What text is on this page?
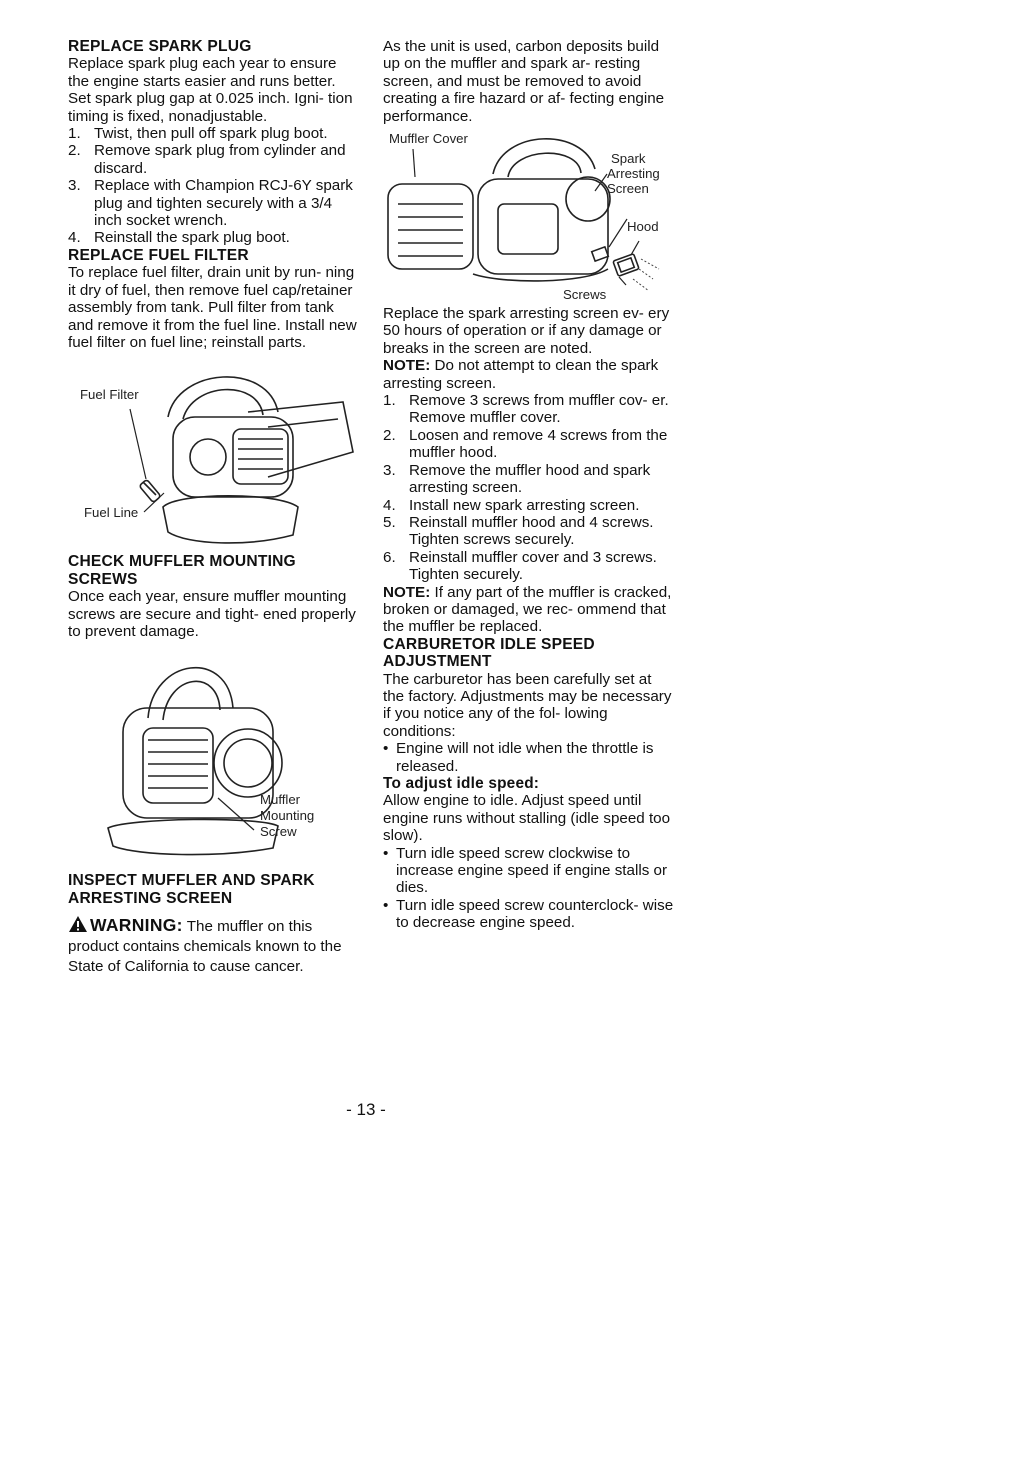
REPLACE SPARK PLUG

Replace spark plug each year to ensure the engine starts easier and runs better. Set spark plug gap at 0.025 inch. Igni- tion timing is fixed, nonadjustable.

1. Twist, then pull off spark plug boot.
2. Remove spark plug from cylinder and discard.
3. Replace with Champion RCJ-6Y spark plug and tighten securely with a 3/4 inch socket wrench.
4. Reinstall the spark plug boot.

REPLACE FUEL FILTER

To replace fuel filter, drain unit by run- ning it dry of fuel, then remove fuel cap/retainer assembly from tank. Pull filter from tank and remove it from the fuel line. Install new fuel filter on fuel line; reinstall parts.

Fuel Filter
Fuel Line

CHECK MUFFLER MOUNTING

SCREWS

Once each year, ensure muffler mounting screws are secure and tight- ened properly to prevent damage.

Muffler
Mounting
Screw

INSPECT MUFFLER AND SPARK

ARRESTING SCREEN

WARNING: The muffler on this product contains chemicals known to the State of California to cause cancer.

As the unit is used, carbon deposits build up on the muffler and spark ar- resting screen, and must be removed to avoid creating a fire hazard or af- fecting engine performance.

Muffler Cover
Spark
Arresting
Screen
Hood
Screws

Replace the spark arresting screen ev- ery 50 hours of operation or if any damage or breaks in the screen are noted.

NOTE: Do not attempt to clean the spark arresting screen.

1. Remove 3 screws from muffler cov- er. Remove muffler cover.
2. Loosen and remove 4 screws from the muffler hood.
3. Remove the muffler hood and spark arresting screen.
4. Install new spark arresting screen.
5. Reinstall muffler hood and 4 screws. Tighten screws securely.
6. Reinstall muffler cover and 3 screws. Tighten securely.

NOTE: If any part of the muffler is cracked, broken or damaged, we rec- ommend that the muffler be replaced.

CARBURETOR IDLE SPEED

ADJUSTMENT

The carburetor has been carefully set at the factory. Adjustments may be necessary if you notice any of the fol- lowing conditions:

• Engine will not idle when the throttle is released.

To adjust idle speed:

Allow engine to idle. Adjust speed until engine runs without stalling (idle speed too slow).

• Turn idle speed screw clockwise to increase engine speed if engine stalls or dies.
• Turn idle speed screw counterclock- wise to decrease engine speed.
- 13 -
